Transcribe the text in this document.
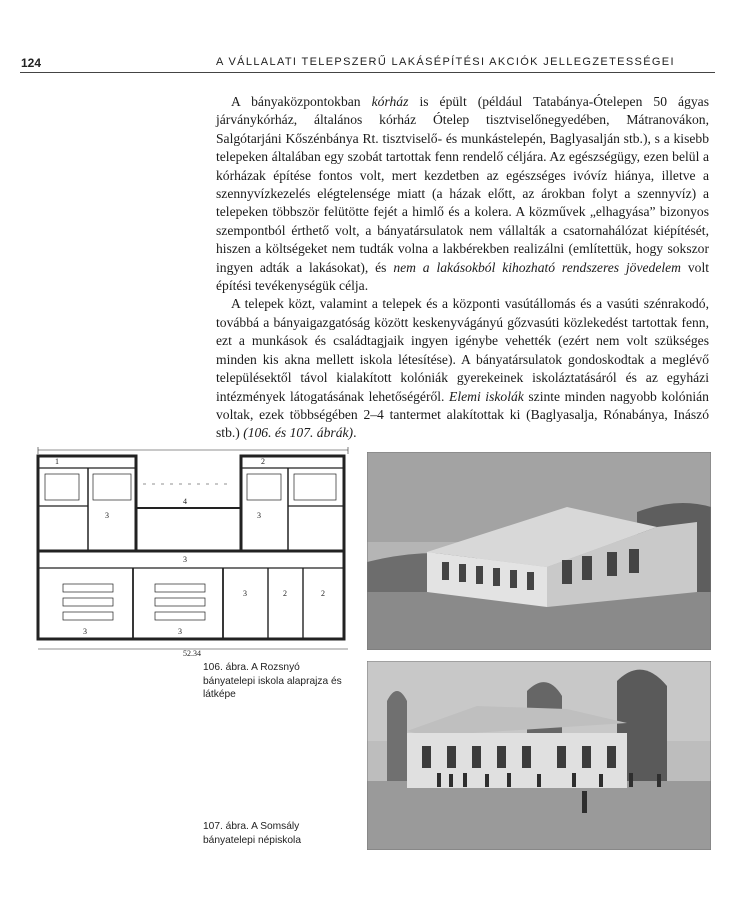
124	A VÁLLALATI TELEPSZERŰ LAKÁSÉPÍTÉSI AKCIÓK JELLEGZETESSÉGEI

A bányaközpontokban kórház is épült (például Tatabánya-Ótelepen 50 ágyas járványkórház, általános kórház Ótelep tisztviselőnegyedében, Mátranovákon, Salgótarjáni Kőszénbánya Rt. tisztviselő- és munkástelepén, Baglyasalján stb.), s a kisebb telepeken általában egy szobát tartottak fenn rendelő céljára. Az egészségügy, ezen belül a kórházak építése fontos volt, mert kezdetben az egészséges ivóvíz hiánya, illetve a szennyvízkezelés elégtelensége miatt (a házak előtt, az árokban folyt a szennyvíz) a telepeken többször felütötte fejét a himlő és a kolera. A közművek „elhagyása” bizonyos szempontból érthető volt, a bányatársulatok nem vállalták a csatornahálózat kiépítését, hiszen a költségeket nem tudták volna a lakbérekben realizálni (említettük, hogy sokszor ingyen adták a lakásokat), és nem a lakásokból kihozható rendszeres jövedelem volt építési tevékenységük célja.

A telepek közt, valamint a telepek és a központi vasútállomás és a vasúti szénrakodó, továbbá a bányaigazgatóság között keskenyvágányú gőzvasúti közlekedést tartottak fenn, ezt a munkások és családtagjaik ingyen igénybe vehették (ezért nem volt szükséges minden kis akna mellett iskola létesítése). A bányatársulatok gondoskodtak a meglévő településektől távol kialakított kolóniák gyerekeinek iskoláztatásáról és az egyházi intézmények látogatásának lehetőségéről. Elemi iskolák szinte minden nagyobb kolónián voltak, ezek többségében 2–4 tantermet alakítottak ki (Baglyasalja, Rónabánya, Inászó stb.) (106. és 107. ábrák).

1	2
3	3
4
3
3	3
3	2	2
52.34
106. ábra. A Rozsnyó bányatelepi iskola alaprajza és látképe
107. ábra. A Somsály bányatelepi népiskola
